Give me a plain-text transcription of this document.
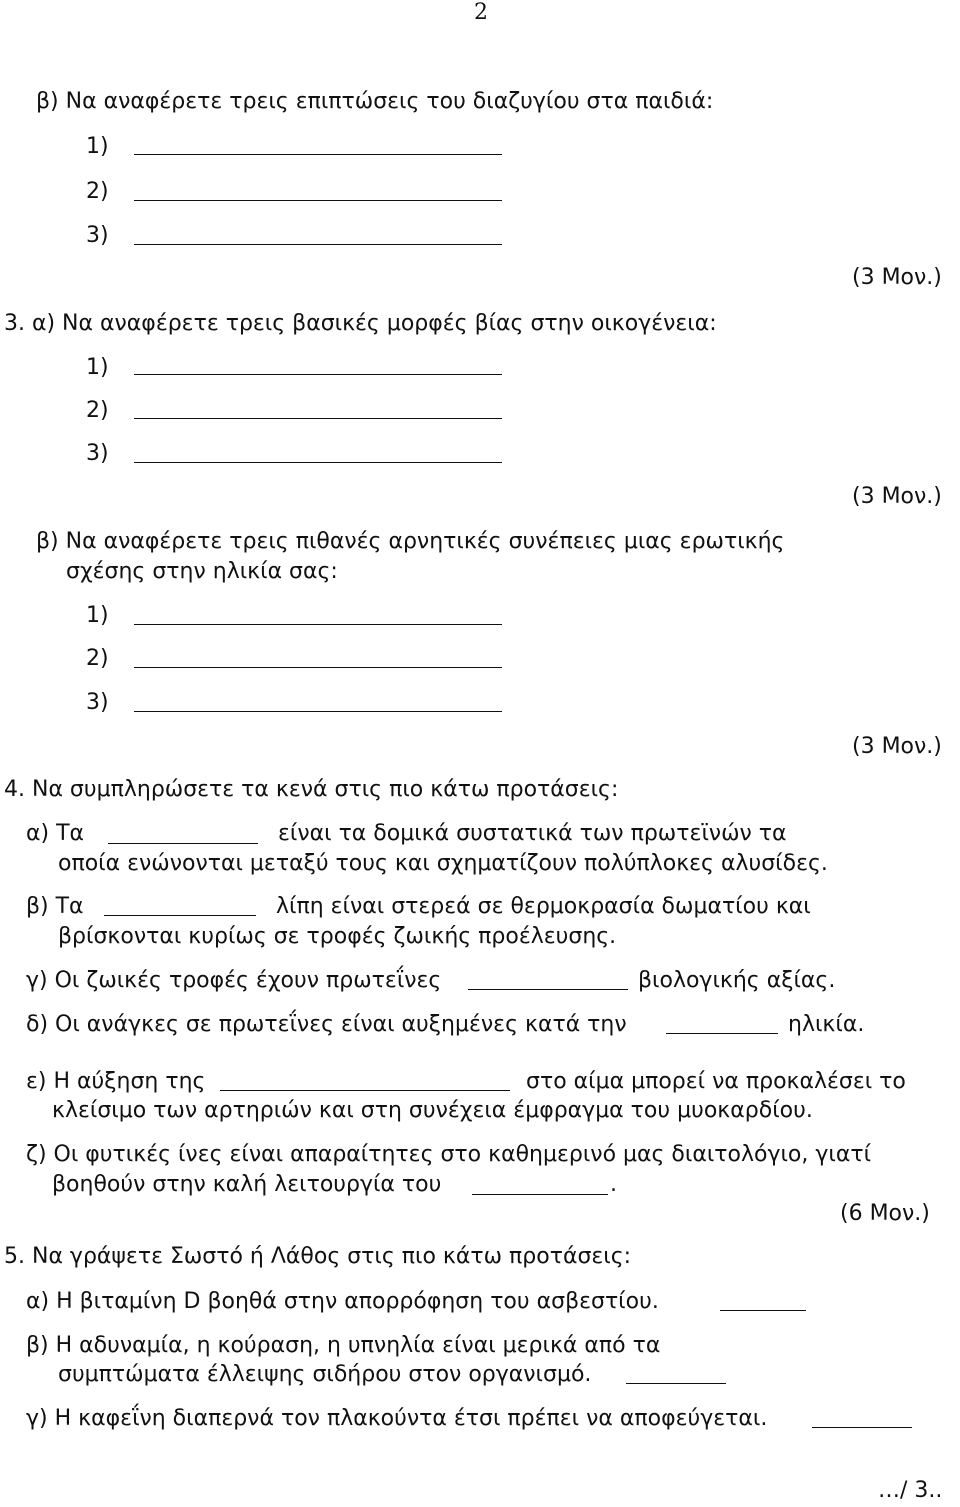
2
β) Να αναφέρετε τρεις επιπτώσεις του διαζυγίου στα παιδιά:
1)
2)
3)
(3 Μον.)
3. α) Να αναφέρετε τρεις βασικές μορφές βίας στην οικογένεια:
1)
2)
3)
(3 Μον.)
β) Να αναφέρετε τρεις πιθανές αρνητικές συνέπειες μιας ερωτικής
σχέσης στην ηλικία σας:
1)
2)
3)
(3 Μον.)
4. Να συμπληρώσετε τα κενά στις πιο κάτω προτάσεις:
α) Τα	είναι τα δομικά συστατικά των πρωτεϊνών τα
οποία ενώνονται μεταξύ τους και σχηματίζουν πολύπλοκες αλυσίδες.
β) Τα	λίπη είναι στερεά σε θερμοκρασία δωματίου και
βρίσκονται κυρίως σε τροφές ζωικής προέλευσης.
γ) Οι ζωικές τροφές έχουν πρωτεΐνες	βιολογικής αξίας.
δ) Οι ανάγκες σε πρωτεΐνες είναι αυξημένες κατά την	ηλικία.
ε) Η αύξηση της	στο αίμα μπορεί να προκαλέσει το
κλείσιμο των αρτηριών και στη συνέχεια έμφραγμα του μυοκαρδίου.
ζ) Οι φυτικές ίνες είναι απαραίτητες στο καθημερινό μας διαιτολόγιο, γιατί
βοηθούν στην καλή λειτουργία του	.
(6 Μον.)
5. Να γράψετε Σωστό ή Λάθος στις πιο κάτω προτάσεις:
α) Η βιταμίνη D βοηθά στην απορρόφηση του ασβεστίου.
β) Η αδυναμία, η κούραση, η υπνηλία είναι μερικά από τα
συμπτώματα έλλειψης σιδήρου στον οργανισμό.
γ) Η καφεΐνη διαπερνά τον πλακούντα έτσι πρέπει να αποφεύγεται.
…/ 3..
